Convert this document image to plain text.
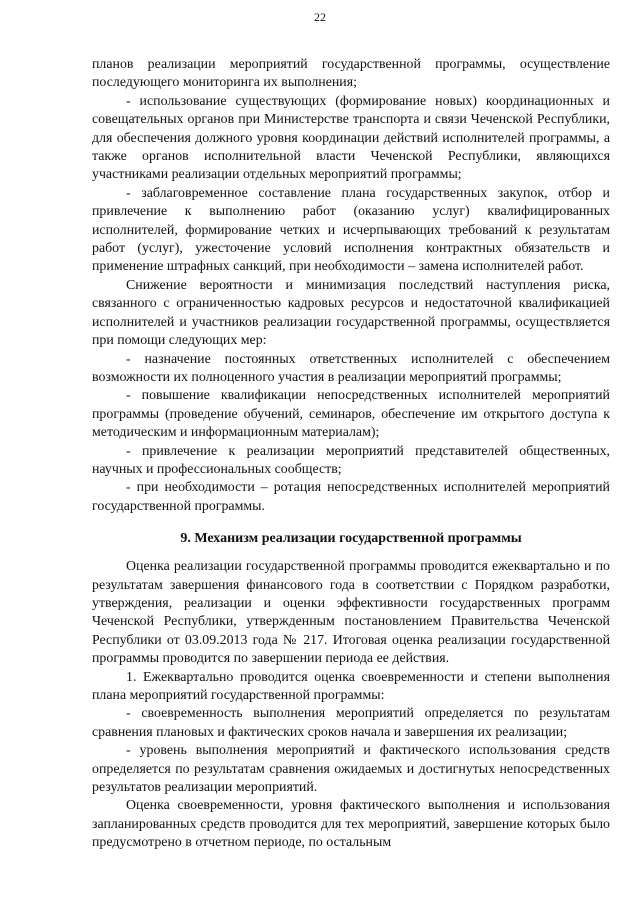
22

планов реализации мероприятий государственной программы, осуществление последующего мониторинга их выполнения;

- использование существующих (формирование новых) координационных и совещательных органов при Министерстве транспорта и связи Чеченской Республики, для обеспечения должного уровня координации действий исполнителей программы, а также органов исполнительной власти Чеченской Республики, являющихся участниками реализации отдельных мероприятий программы;

- заблаговременное составление плана государственных закупок, отбор и привлечение к выполнению работ (оказанию услуг) квалифицированных исполнителей, формирование четких и исчерпывающих требований к результатам работ (услуг), ужесточение условий исполнения контрактных обязательств и применение штрафных санкций, при необходимости – замена исполнителей работ.

Снижение вероятности и минимизация последствий наступления риска, связанного с ограниченностью кадровых ресурсов и недостаточной квалификацией исполнителей и участников реализации государственной программы, осуществляется при помощи следующих мер:

- назначение постоянных ответственных исполнителей с обеспечением возможности их полноценного участия в реализации мероприятий программы;

- повышение квалификации непосредственных исполнителей мероприятий программы (проведение обучений, семинаров, обеспечение им открытого доступа к методическим и информационным материалам);

- привлечение к реализации мероприятий представителей общественных, научных и профессиональных сообществ;

- при необходимости – ротация непосредственных исполнителей мероприятий государственной программы.

9. Механизм реализации государственной программы

Оценка реализации государственной программы проводится ежеквартально и по результатам завершения финансового года в соответствии с Порядком разработки, утверждения, реализации и оценки эффективности государственных программ Чеченской Республики, утвержденным постановлением Правительства Чеченской Республики от 03.09.2013 года № 217. Итоговая оценка реализации государственной программы проводится по завершении периода ее действия.

1. Ежеквартально проводится оценка своевременности и степени выполнения плана мероприятий государственной программы:

- своевременность выполнения мероприятий определяется по результатам сравнения плановых и фактических сроков начала и завершения их реализации;

- уровень выполнения мероприятий и фактического использования средств определяется по результатам сравнения ожидаемых и достигнутых непосредственных результатов реализации мероприятий.

Оценка своевременности, уровня фактического выполнения и использования запланированных средств проводится для тех мероприятий, завершение которых было предусмотрено в отчетном периоде, по остальным
